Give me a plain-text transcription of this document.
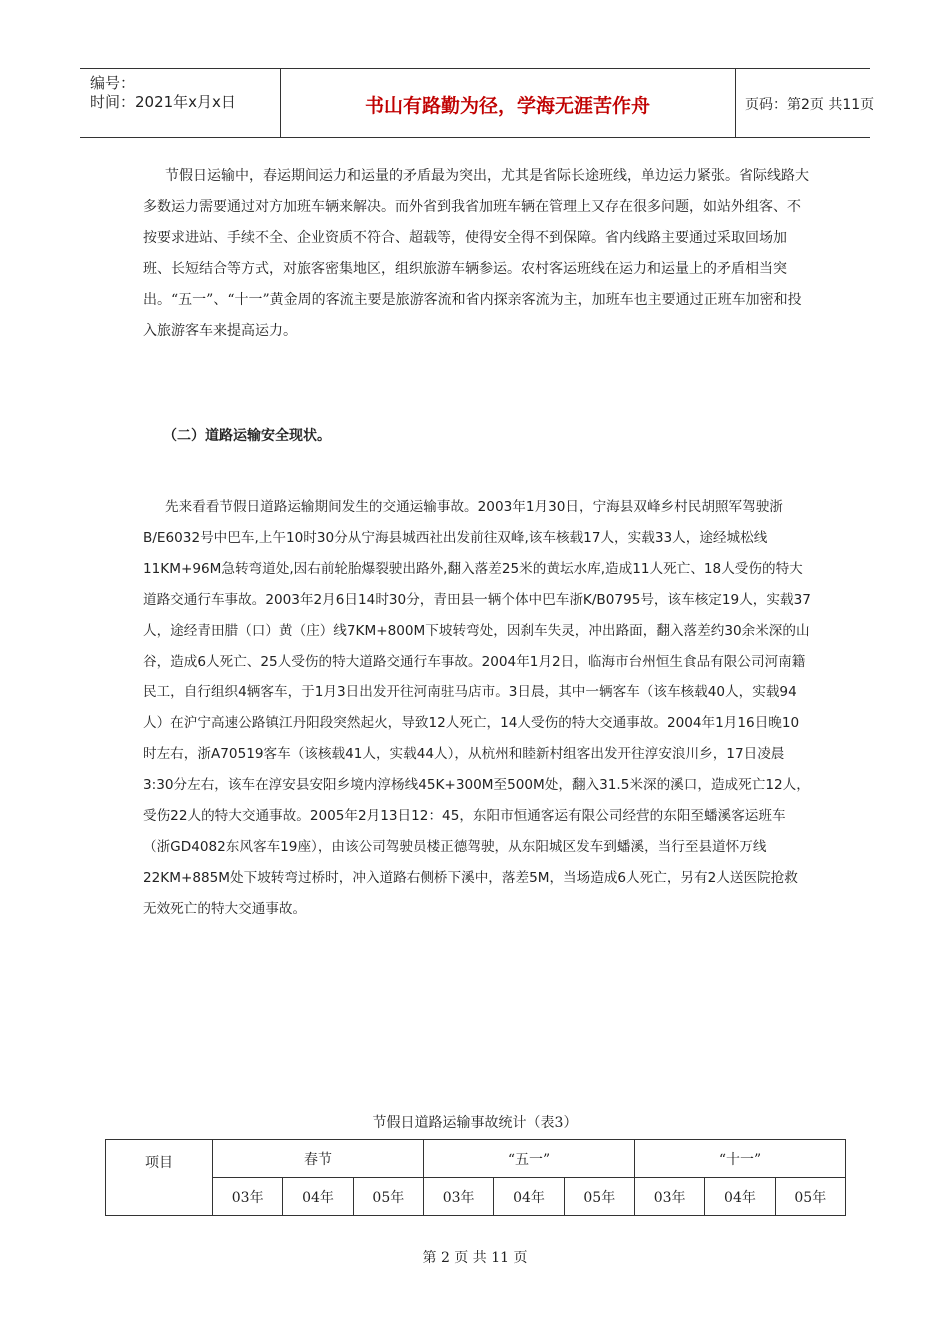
编号：
时间：2021年x月x日	书山有路勤为径，学海无涯苦作舟	页码：第2页 共11页

节假日运输中，春运期间运力和运量的矛盾最为突出，尤其是省际长途班线，单边运力紧张。省际线路大多数运力需要通过对方加班车辆来解决。而外省到我省加班车辆在管理上又存在很多问题，如站外组客、不按要求进站、手续不全、企业资质不符合、超载等，使得安全得不到保障。省内线路主要通过采取回场加班、长短结合等方式，对旅客密集地区，组织旅游车辆参运。农村客运班线在运力和运量上的矛盾相当突出。“五一”、“十一”黄金周的客流主要是旅游客流和省内探亲客流为主，加班车也主要通过正班车加密和投入旅游客车来提高运力。

（二）道路运输安全现状。

先来看看节假日道路运输期间发生的交通运输事故。2003年1月30日，宁海县双峰乡村民胡照军驾驶浙B/E6032号中巴车,上午10时30分从宁海县城西社出发前往双峰,该车核载17人，实载33人，途经城松线11KM+96M急转弯道处,因右前轮胎爆裂驶出路外,翻入落差25米的黄坛水库,造成11人死亡、18人受伤的特大道路交通行车事故。2003年2月6日14时30分，青田县一辆个体中巴车浙K/B0795号，该车核定19人，实载37人，途经青田腊（口）黄（庄）线7KM+800M下坡转弯处，因刹车失灵，冲出路面，翻入落差约30余米深的山谷，造成6人死亡、25人受伤的特大道路交通行车事故。2004年1月2日，临海市台州恒生食品有限公司河南籍民工，自行组织4辆客车，于1月3日出发开往河南驻马店市。3日晨，其中一辆客车（该车核载40人，实载94人）在沪宁高速公路镇江丹阳段突然起火，导致12人死亡，14人受伤的特大交通事故。2004年1月16日晚10时左右，浙A70519客车（该核载41人，实载44人），从杭州和睦新村组客出发开往淳安浪川乡，17日凌晨3:30分左右，该车在淳安县安阳乡境内淳杨线45K+300M至500M处，翻入31.5米深的溪口，造成死亡12人，受伤22人的特大交通事故。2005年2月13日12：45，东阳市恒通客运有限公司经营的东阳至蟠溪客运班车（浙GD4082东风客车19座），由该公司驾驶员楼正德驾驶，从东阳城区发车到蟠溪，当行至县道怀万线22KM+885M处下坡转弯过桥时，冲入道路右侧桥下溪中，落差5M，当场造成6人死亡，另有2人送医院抢救无效死亡的特大交通事故。

节假日道路运输事故统计（表3）
项目	春节			“五一”			“十一”		
	03年	04年	05年	03年	04年	05年	03年	04年	05年
第 2 页 共 11 页
